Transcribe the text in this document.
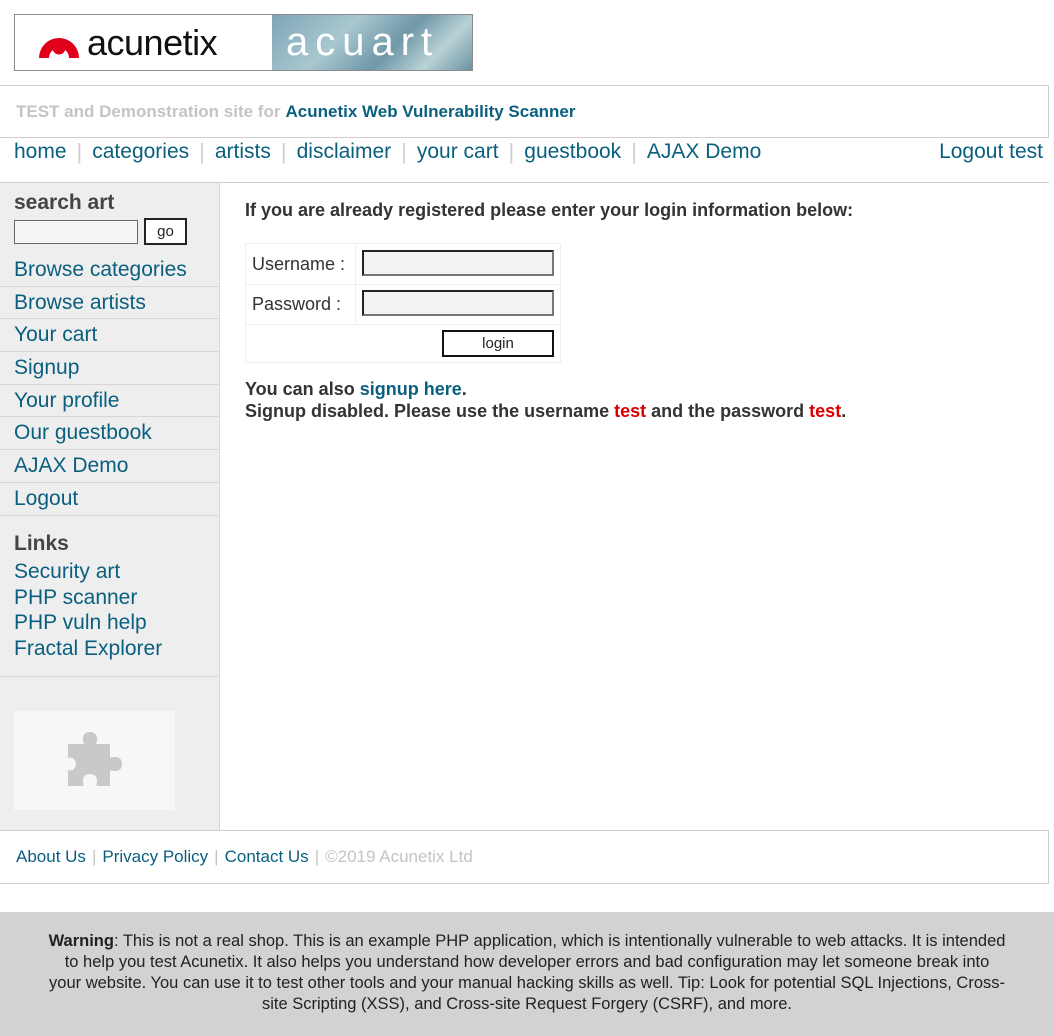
acunetix acuart
TEST and Demonstration site for Acunetix Web Vulnerability Scanner
home | categories | artists | disclaimer | your cart | guestbook | AJAX Demo	Logout test
search art
go
Browse categories
Browse artists
Your cart
Signup
Your profile
Our guestbook
AJAX Demo
Logout
Links
Security art
PHP scanner
PHP vuln help
Fractal Explorer
If you are already registered please enter your login information below:
Username :
Password :
login
You can also signup here.
Signup disabled. Please use the username test and the password test.
About Us | Privacy Policy | Contact Us | ©2019 Acunetix Ltd
Warning: This is not a real shop. This is an example PHP application, which is intentionally vulnerable to web attacks. It is intended to help you test Acunetix. It also helps you understand how developer errors and bad configuration may let someone break into your website. You can use it to test other tools and your manual hacking skills as well. Tip: Look for potential SQL Injections, Cross-site Scripting (XSS), and Cross-site Request Forgery (CSRF), and more.
